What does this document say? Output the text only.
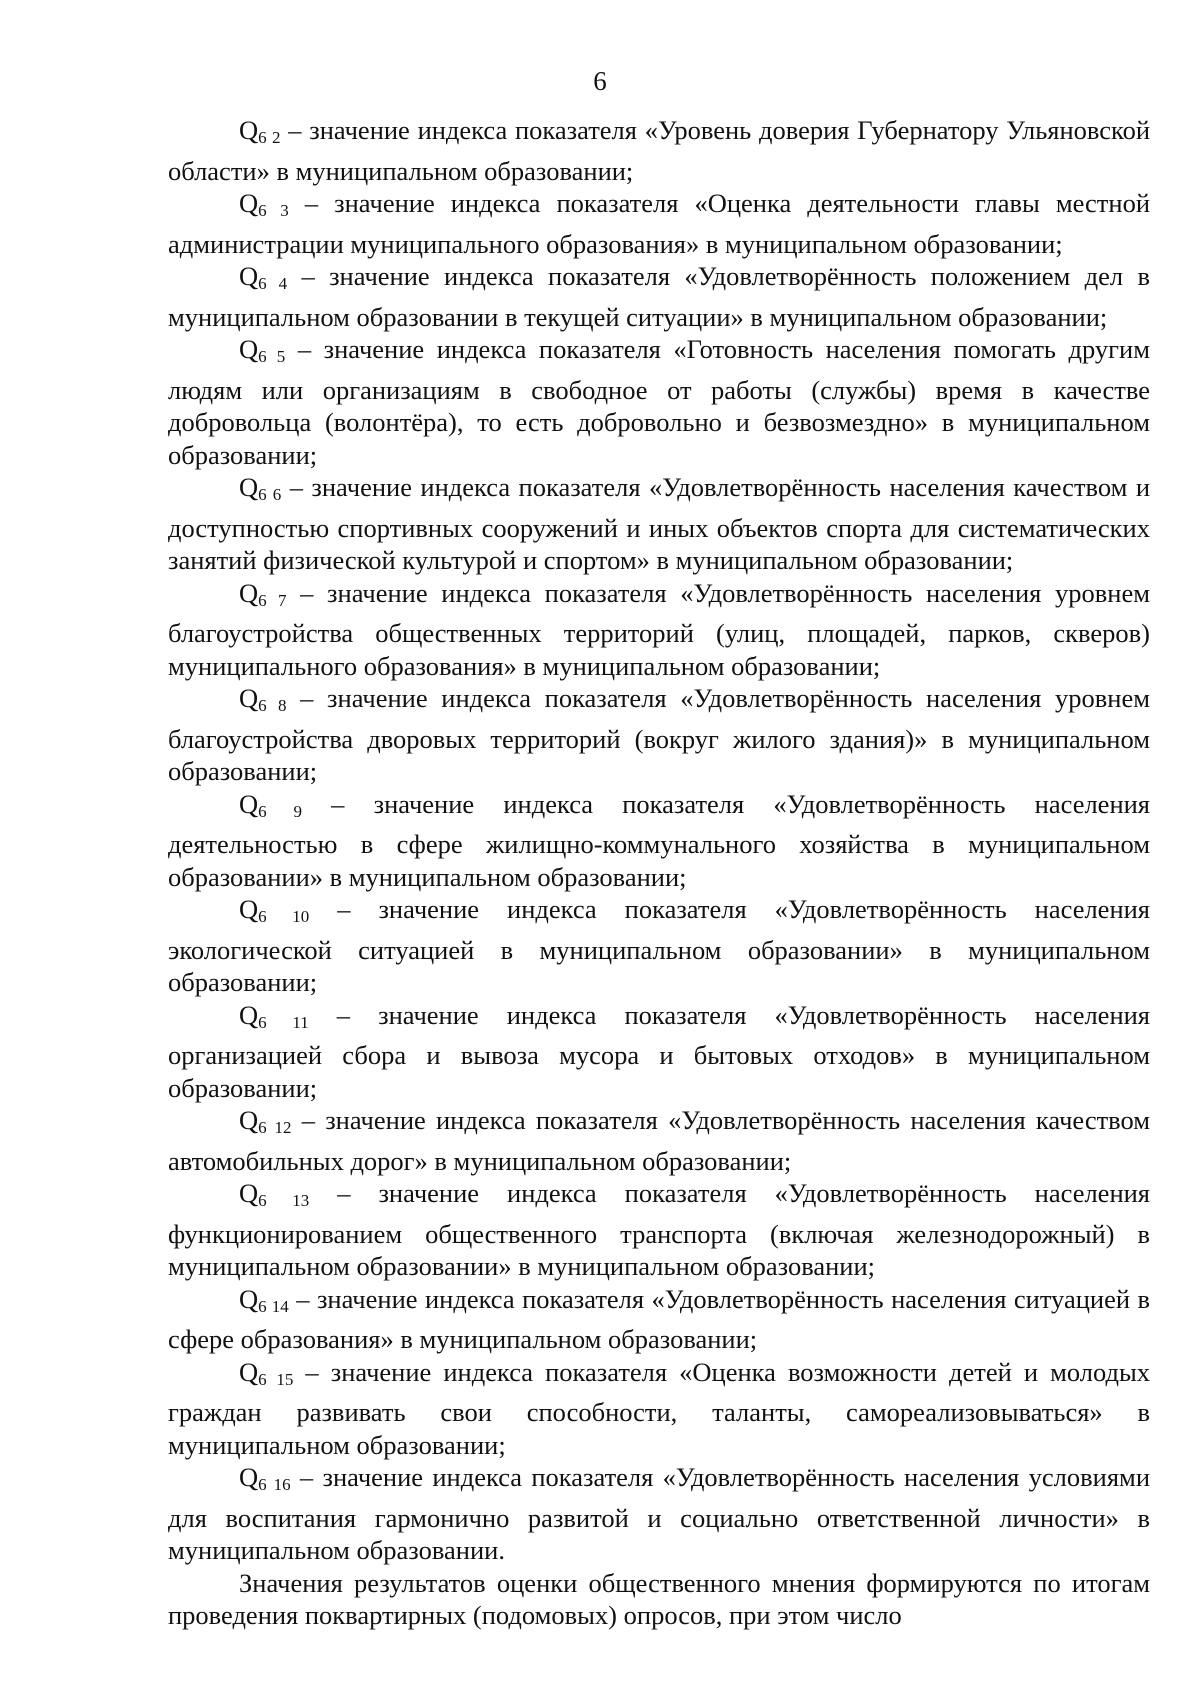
6

$Q_{6 2}$ – значение индекса показателя «Уровень доверия Губернатору Ульяновской области» в муниципальном образовании;

$Q_{6 3}$ – значение индекса показателя «Оценка деятельности главы местной администрации муниципального образования» в муниципальном образовании;

$Q_{6 4}$ – значение индекса показателя «Удовлетворённость положением дел в муниципальном образовании в текущей ситуации» в муниципальном образовании;

$Q_{6 5}$ – значение индекса показателя «Готовность населения помогать другим людям или организациям в свободное от работы (службы) время в качестве добровольца (волонтёра), то есть добровольно и безвозмездно» в муниципальном образовании;

$Q_{6 6}$ – значение индекса показателя «Удовлетворённость населения качеством и доступностью спортивных сооружений и иных объектов спорта для систематических занятий физической культурой и спортом» в муниципальном образовании;

$Q_{6 7}$ – значение индекса показателя «Удовлетворённость населения уровнем благоустройства общественных территорий (улиц, площадей, парков, скверов) муниципального образования» в муниципальном образовании;

$Q_{6 8}$ – значение индекса показателя «Удовлетворённость населения уровнем благоустройства дворовых территорий (вокруг жилого здания)» в муниципальном образовании;

$Q_{6 9}$ – значение индекса показателя «Удовлетворённость населения деятельностью в сфере жилищно-коммунального хозяйства в муниципальном образовании» в муниципальном образовании;

$Q_{6 10}$ – значение индекса показателя «Удовлетворённость населения экологической ситуацией в муниципальном образовании» в муниципальном образовании;

$Q_{6 11}$ – значение индекса показателя «Удовлетворённость населения организацией сбора и вывоза мусора и бытовых отходов» в муниципальном образовании;

$Q_{6 12}$ – значение индекса показателя «Удовлетворённость населения качеством автомобильных дорог» в муниципальном образовании;

$Q_{6 13}$ – значение индекса показателя «Удовлетворённость населения функционированием общественного транспорта (включая железнодорожный) в муниципальном образовании» в муниципальном образовании;

$Q_{6 14}$ – значение индекса показателя «Удовлетворённость населения ситуацией в сфере образования» в муниципальном образовании;

$Q_{6 15}$ – значение индекса показателя «Оценка возможности детей и молодых граждан развивать свои способности, таланты, самореализовываться» в муниципальном образовании;

$Q_{6 16}$ – значение индекса показателя «Удовлетворённость населения условиями для воспитания гармонично развитой и социально ответственной личности» в муниципальном образовании.

Значения результатов оценки общественного мнения формируются по итогам проведения поквартирных (подомовых) опросов, при этом число
